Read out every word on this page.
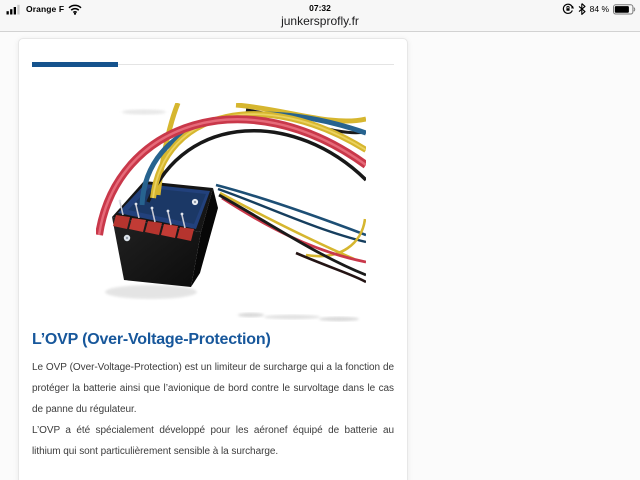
Orange F	07:32
junkersprofly.fr
84 %
L’OVP (Over-Voltage-Protection)

Le OVP (Over-Voltage-Protection) est un limiteur de surcharge qui a la fonction de protéger la batterie ainsi que l’avionique de bord contre le survoltage dans le cas de panne du régulateur.

L’OVP a été spécialement développé pour les aéronef équipé de batterie au lithium qui sont particulièrement sensible à la surcharge.
